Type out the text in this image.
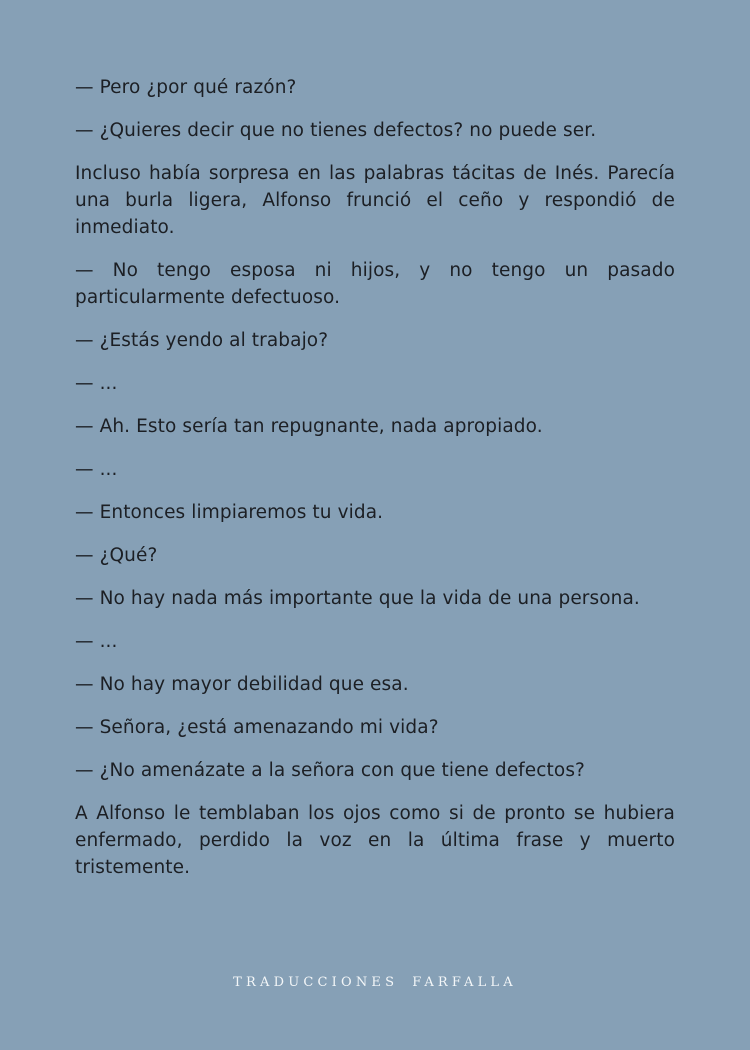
— Pero ¿por qué razón?

— ¿Quieres decir que no tienes defectos? no puede ser.

Incluso había sorpresa en las palabras tácitas de Inés. Parecía una burla ligera, Alfonso frunció el ceño y respondió de inmediato.

— No tengo esposa ni hijos, y no tengo un pasado particularmente defectuoso.

— ¿Estás yendo al trabajo?

— ...

— Ah. Esto sería tan repugnante, nada apropiado.

— ...

— Entonces limpiaremos tu vida.

— ¿Qué?

— No hay nada más importante que la vida de una persona.

— ...

— No hay mayor debilidad que esa.

— Señora, ¿está amenazando mi vida?

— ¿No amenázate a la señora con que tiene defectos?

A Alfonso le temblaban los ojos como si de pronto se hubiera enfermado, perdido la voz en la última frase y muerto tristemente.

TRADUCCIONES FARFALLA
